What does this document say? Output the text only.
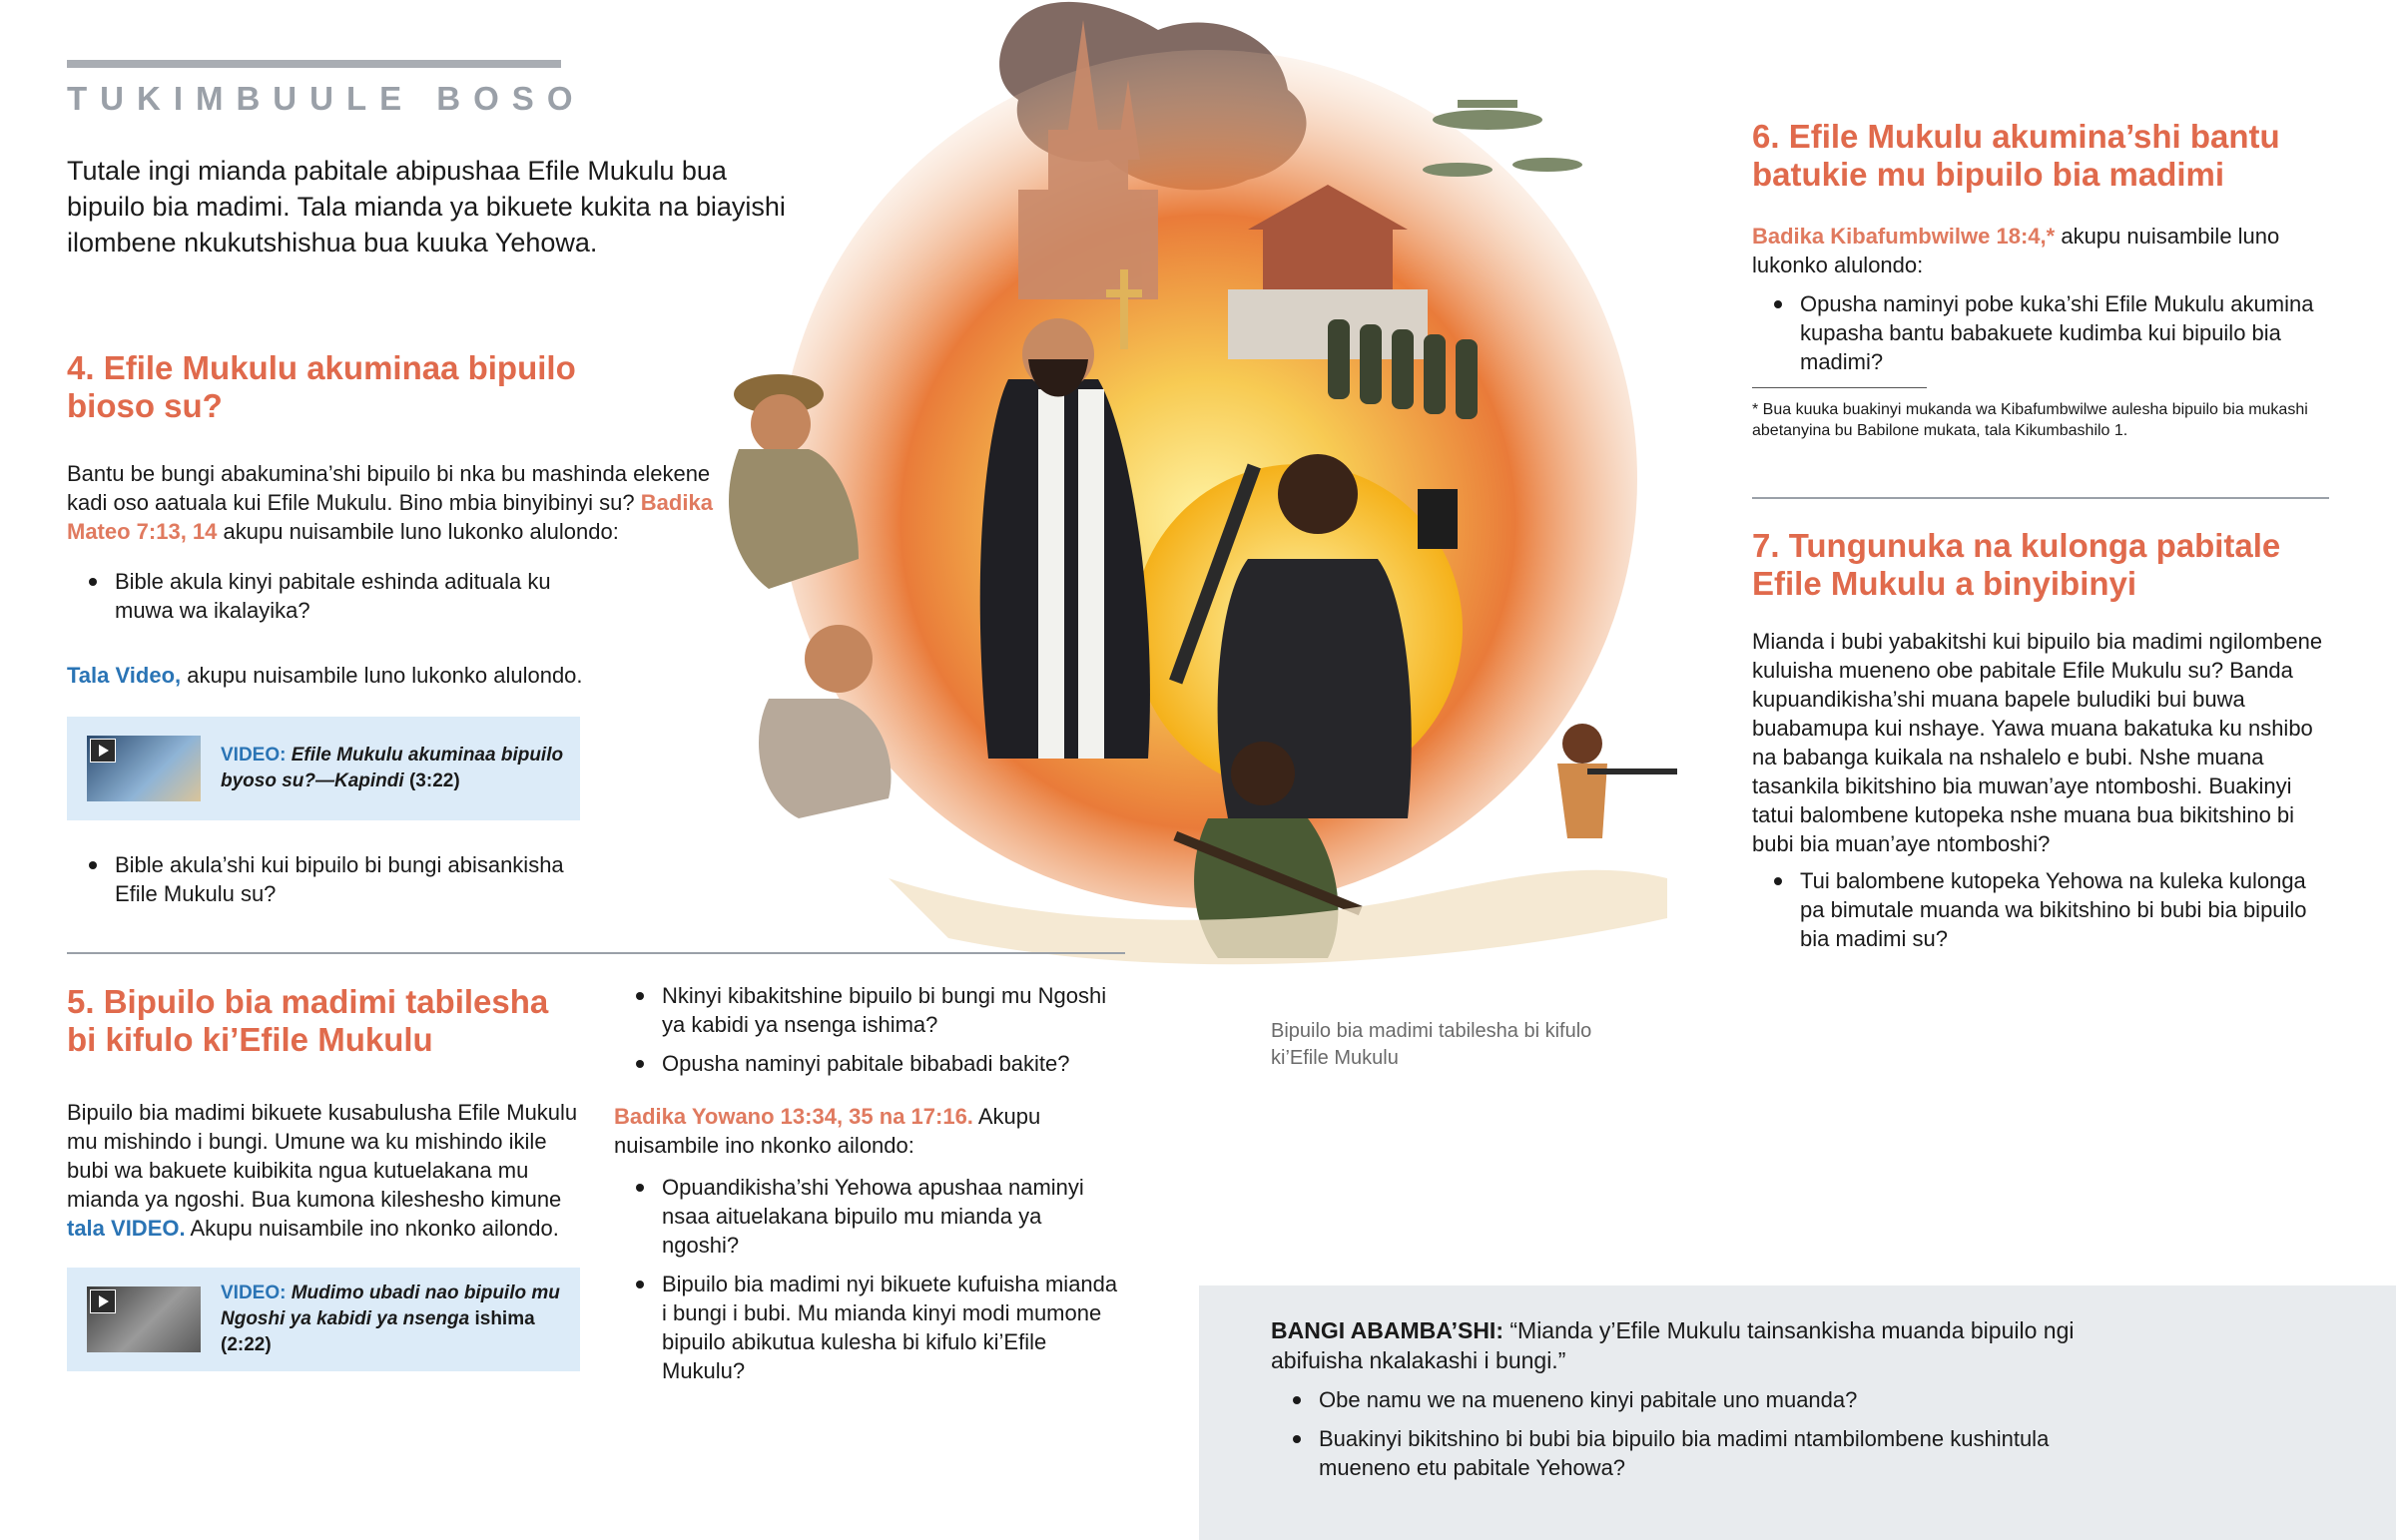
TUKIMBUULE BOSO
Tutale ingi mianda pabitale abipushaa Efile Mukulu bua bipuilo bia madimi. Tala mianda ya bikuete kukita na biayishi ilombene nkukutshishua bua kuuka Yehowa.
4. Efile Mukulu akuminaa bipuilo bioso su?
Bantu be bungi abakumina’shi bipuilo bi nka bu mashinda elekene kadi oso aatuala kui Efile Mukulu. Bino mbia binyibinyi su? Badika Mateo 7:13, 14 akupu nuisambile luno lukonko alulondo:
Bible akula kinyi pabitale eshinda adituala ku muwa wa ikalayika?
Tala Video, akupu nuisambile luno lukonko alulondo.
VIDEO: Efile Mukulu akuminaa bipuilo byoso su?—Kapindi (3:22)
Bible akula’shi kui bipuilo bi bungi abisankisha Efile Mukulu su?
5. Bipuilo bia madimi tabilesha bi kifulo ki’Efile Mukulu
Bipuilo bia madimi bikuete kusabulusha Efile Mukulu mu mishindo i bungi. Umune wa ku mishindo ikile bubi wa bakuete kuibikita ngua kutuelakana mu mianda ya ngoshi. Bua kumona kileshesho kimune tala VIDEO. Akupu nuisambile ino nkonko ailondo.
VIDEO: Mudimo ubadi nao bipuilo mu Ngoshi ya kabidi ya nsenga ishima (2:22)
Nkinyi kibakitshine bipuilo bi bungi mu Ngoshi ya kabidi ya nsenga ishima?
Opusha naminyi pabitale bibabadi bakite?
Badika Yowano 13:34, 35 na 17:16. Akupu nuisambile ino nkonko ailondo:
Opuandikisha’shi Yehowa apushaa naminyi nsaa aituelakana bipuilo mu mianda ya ngoshi?
Bipuilo bia madimi nyi bikuete kufuisha mianda i bungi i bubi. Mu mianda kinyi modi mumone bipuilo abikutua kulesha bi kifulo ki’Efile Mukulu?
Bipuilo bia madimi tabilesha bi kifulo ki’Efile Mukulu
6. Efile Mukulu akumina’shi bantu batukie mu bipuilo bia madimi
Badika Kibafumbwilwe 18:4,* akupu nuisambile luno lukonko alulondo:
Opusha naminyi pobe kuka’shi Efile Mukulu akumina kupasha bantu babakuete kudimba kui bipuilo bia madimi?
* Bua kuuka buakinyi mukanda wa Kibafumbwilwe aulesha bipuilo bia mukashi abetanyina bu Babilone mukata, tala Kikumbashilo 1.
7. Tungunuka na kulonga pabitale Efile Mukulu a binyibinyi
Mianda i bubi yabakitshi kui bipuilo bia madimi ngilombene kuluisha mueneno obe pabitale Efile Mukulu su? Banda kupuandikisha’shi muana bapele buludiki bui buwa buabamupa kui nshaye. Yawa muana bakatuka ku nshibo na babanga kuikala na nshalelo e bubi. Nshe muana tasankila bikitshino bia muwan’aye ntomboshi. Buakinyi tatui balombene kutopeka nshe muana bua bikitshino bi bubi bia muan’aye ntomboshi?
Tui balombene kutopeka Yehowa na kuleka kulonga pa bimutale muanda wa bikitshino bi bubi bia bipuilo bia madimi su?
BANGI ABAMBA’SHI: “Mianda y’Efile Mukulu tainsankisha muanda bipuilo ngi abifuisha nkalakashi i bungi.”
Obe namu we na mueneno kinyi pabitale uno muanda?
Buakinyi bikitshino bi bubi bia bipuilo bia madimi ntambilombene kushintula mueneno etu pabitale Yehowa?
